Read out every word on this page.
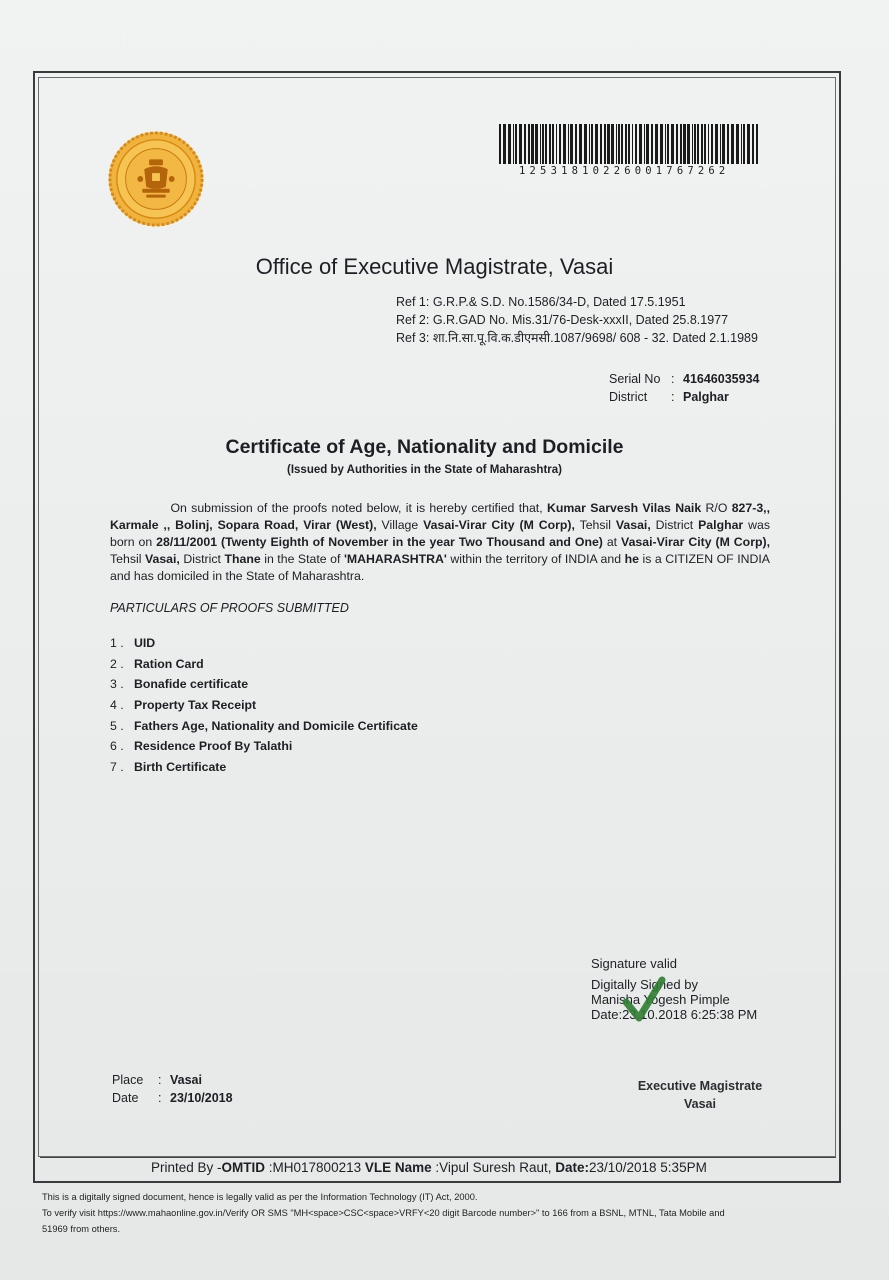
12531810226001767262
Office of Executive Magistrate, Vasai
Ref 1: G.R.P.& S.D. No.1586/34-D, Dated 17.5.1951
Ref 2: G.R.GAD No. Mis.31/76-Desk-xxxII, Dated 25.8.1977
Ref 3: शा.नि.सा.पू.वि.क.डीएमसी.1087/9698/ 608 - 32. Dated 2.1.1989
Serial No : 41646035934
District	: Palghar
Certificate of Age, Nationality and Domicile
(Issued by Authorities in the State of Maharashtra)
On submission of the proofs noted below, it is hereby certified that, Kumar Sarvesh Vilas Naik R/O 827-3,, Karmale ,, Bolinj, Sopara Road, Virar (West), Village Vasai-Virar City (M Corp), Tehsil Vasai, District Palghar was born on 28/11/2001 (Twenty Eighth of November in the year Two Thousand and One) at Vasai-Virar City (M Corp), Tehsil Vasai, District Thane in the State of 'MAHARASHTRA' within the territory of INDIA and he is a CITIZEN OF INDIA and has domiciled in the State of Maharashtra.
PARTICULARS OF PROOFS SUBMITTED
1 . UID
2 . Ration Card
3 . Bonafide certificate
4 . Property Tax Receipt
5 . Fathers Age, Nationality and Domicile Certificate
6 . Residence Proof By Talathi
7 . Birth Certificate
Signature valid
Digitally Signed by
Manisha Yogesh Pimple
Date:23.10.2018 6:25:38 PM
Place	: Vasai
Date	: 23/10/2018
Executive Magistrate
Vasai
Printed By -OMTID :MH017800213 VLE Name :Vipul Suresh Raut, Date:23/10/2018 5:35PM
This is a digitally signed document, hence is legally valid as per the Information Technology (IT) Act, 2000.
To verify visit https://www.mahaonline.gov.in/Verify OR SMS "MH<space>CSC<space>VRFY<20 digit Barcode number>" to 166 from a BSNL, MTNL, Tata Mobile and
51969 from others.
